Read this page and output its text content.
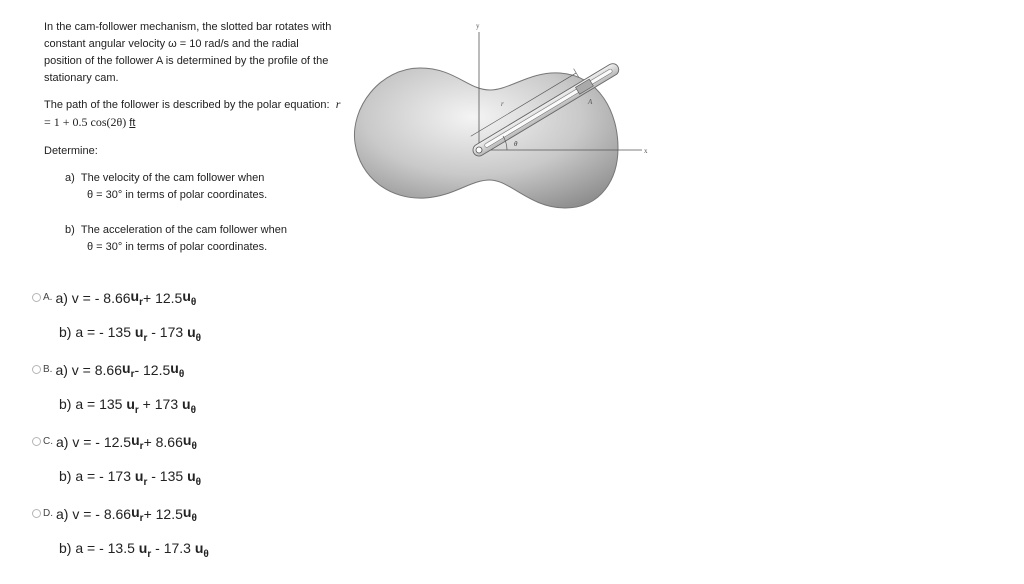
In the cam-follower mechanism, the slotted bar rotates with constant angular velocity ω = 10 rad/s and the radial position of the follower A is determined by the profile of the stationary cam.

The path of the follower is described by the polar equation: r = 1 + 0.5 cos(2θ) ft

Determine:

a) The velocity of the cam follower when
θ = 30° in terms of polar coordinates.
b) The acceleration of the cam follower when
θ = 30° in terms of polar coordinates.
y
x
r
θ
A
A. a) v = - 8.66 $u_r + 12.5$ $u_\theta$
b) a = - 135 $u_r - 173$ $u_\theta$
B. a) v = 8.66 $u_r - 12.5$ $u_\theta$
b) a = 135 $u_r + 173$ $u_\theta$
C. a) v = - 12.5 $u_r + 8.66$ $u_\theta$
b) a = - 173 $u_r - 135$ $u_\theta$
D. a) v = - 8.66 $u_r + 12.5$ $u_\theta$
b) a = - 13.5 $u_r - 17.3$ $u_\theta$
